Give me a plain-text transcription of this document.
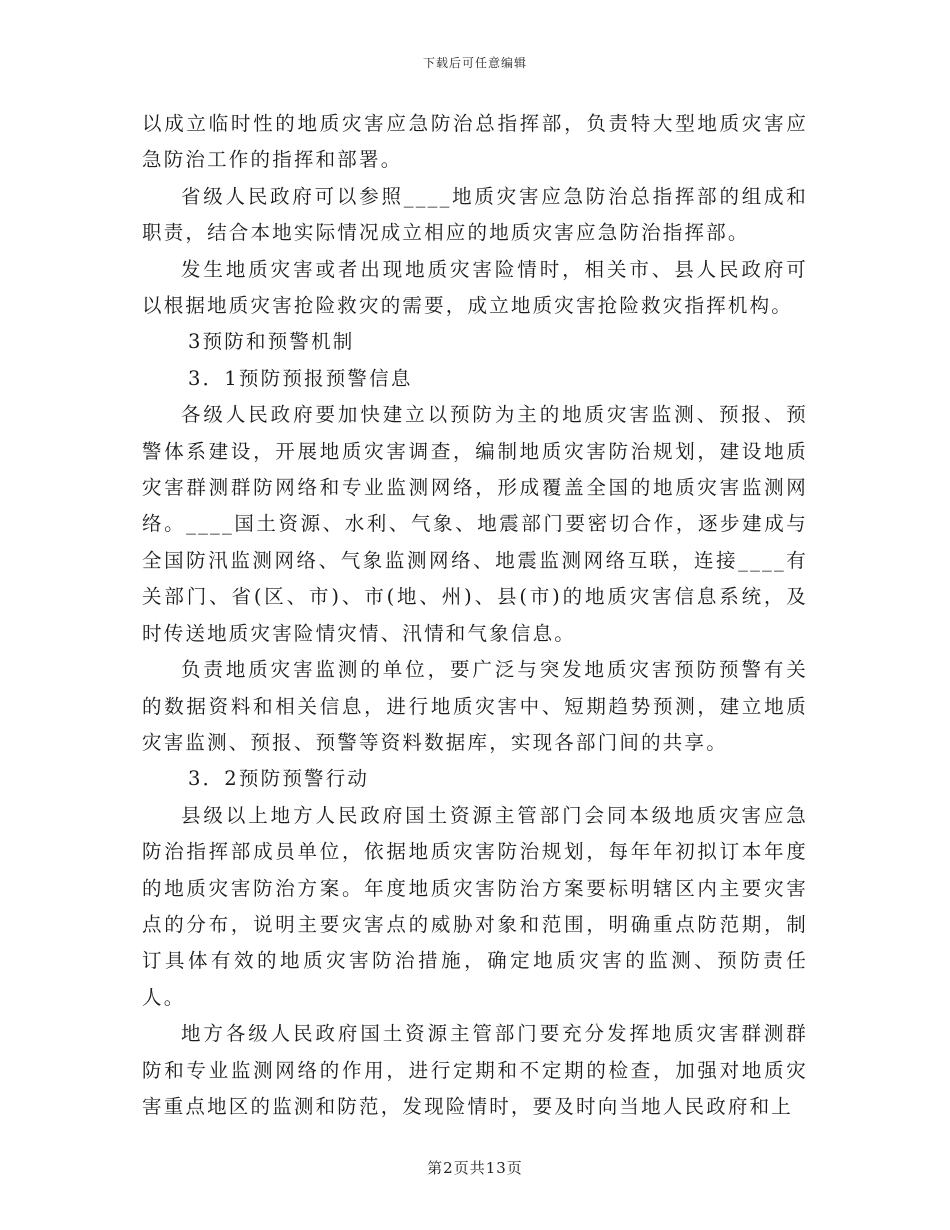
下载后可任意编辑

以成立临时性的地质灾害应急防治总指挥部，负责特大型地质灾害应急防治工作的指挥和部署。

省级人民政府可以参照____地质灾害应急防治总指挥部的组成和职责，结合本地实际情况成立相应的地质灾害应急防治指挥部。

发生地质灾害或者出现地质灾害险情时，相关市、县人民政府可以根据地质灾害抢险救灾的需要，成立地质灾害抢险救灾指挥机构。

3预防和预警机制

3．1预防预报预警信息

各级人民政府要加快建立以预防为主的地质灾害监测、预报、预警体系建设，开展地质灾害调查，编制地质灾害防治规划，建设地质灾害群测群防网络和专业监测网络，形成覆盖全国的地质灾害监测网络。____国土资源、水利、气象、地震部门要密切合作，逐步建成与全国防汛监测网络、气象监测网络、地震监测网络互联，连接____有关部门、省(区、市)、市(地、州)、县(市)的地质灾害信息系统，及时传送地质灾害险情灾情、汛情和气象信息。

负责地质灾害监测的单位，要广泛与突发地质灾害预防预警有关的数据资料和相关信息，进行地质灾害中、短期趋势预测，建立地质灾害监测、预报、预警等资料数据库，实现各部门间的共享。

3．2预防预警行动

县级以上地方人民政府国土资源主管部门会同本级地质灾害应急防治指挥部成员单位，依据地质灾害防治规划，每年年初拟订本年度的地质灾害防治方案。年度地质灾害防治方案要标明辖区内主要灾害点的分布，说明主要灾害点的威胁对象和范围，明确重点防范期，制订具体有效的地质灾害防治措施，确定地质灾害的监测、预防责任人。

地方各级人民政府国土资源主管部门要充分发挥地质灾害群测群防和专业监测网络的作用，进行定期和不定期的检查，加强对地质灾害重点地区的监测和防范，发现险情时，要及时向当地人民政府和上

第2页共13页
